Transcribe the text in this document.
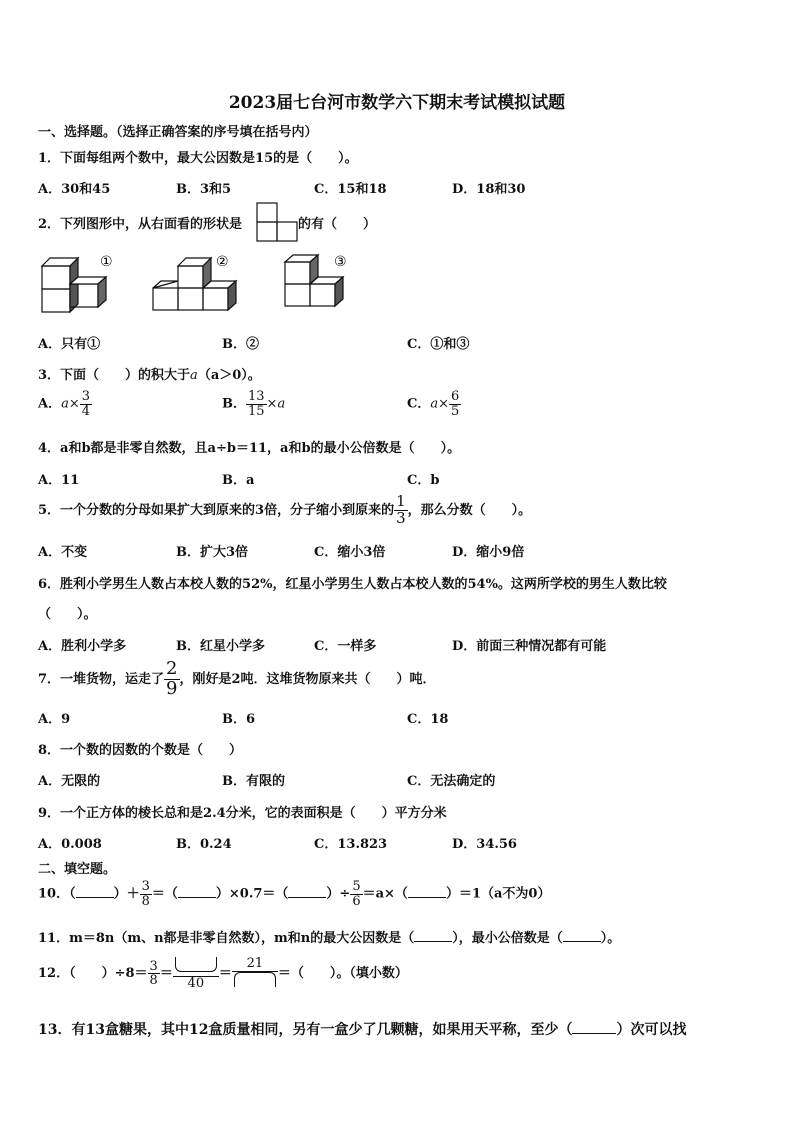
2023届七台河市数学六下期末考试模拟试题
一、选择题。（选择正确答案的序号填在括号内）
1．下面每组两个数中，最大公因数是15的是（　　）。
A．30和45	B．3和5	C．15和18	D．18和30
2．下列图形中，从右面看的形状是	的有（　　）
①	②	③
A．只有①	B．②	C．①和③
3．下面（　　）的积大于a（a＞0）。
A．$a\times \frac{3}{4}$	B． $\frac{13}{15} \times a$	C．$a\times \frac{6}{5}$
4．a和b都是非零自然数，且a÷b＝11，a和b的最小公倍数是（　　）。
A．11	B．a	C．b
5．一个分数的分母如果扩大到原来的3倍，分子缩小到原来的 $\frac{1}{3}$ ，那么分数（　　）。
A．不变	B．扩大3倍	C．缩小3倍	D．缩小9倍
6．胜利小学男生人数占本校人数的52%，红星小学男生人数占本校人数的54%。这两所学校的男生人数比较
（　　）。
A．胜利小学多	B．红星小学多	C．一样多	D．前面三种情况都有可能
7．一堆货物，运走了 $\frac{2}{9}$ ，刚好是2吨．这堆货物原来共（　　）吨．
A．9	B．6	C．18
8．一个数的因数的个数是（　　）
A．无限的	B．有限的	C．无法确定的
9．一个正方体的棱长总和是2.4分米，它的表面积是（　　）平方分米
A．0.008	B．0.24	C．13.823	D．34.56
二、填空题。
10．（	）＋ $\frac{3}{8}$ ＝（	）×0.7＝（	）÷ $\frac{5}{6} =a\times$（	）＝1（a不为0）
11．m＝8n（m、n都是非零自然数），m和n的最大公因数是（	），最小公倍数是（	）。
12．（　　）$\div 8= \frac{3}{8}$ ＝
40
＝
21
＝（　　）。（填小数）
13．有13盒糖果，其中12盒质量相同，另有一盒少了几颗糖，如果用天平称，至少（	）次可以找
